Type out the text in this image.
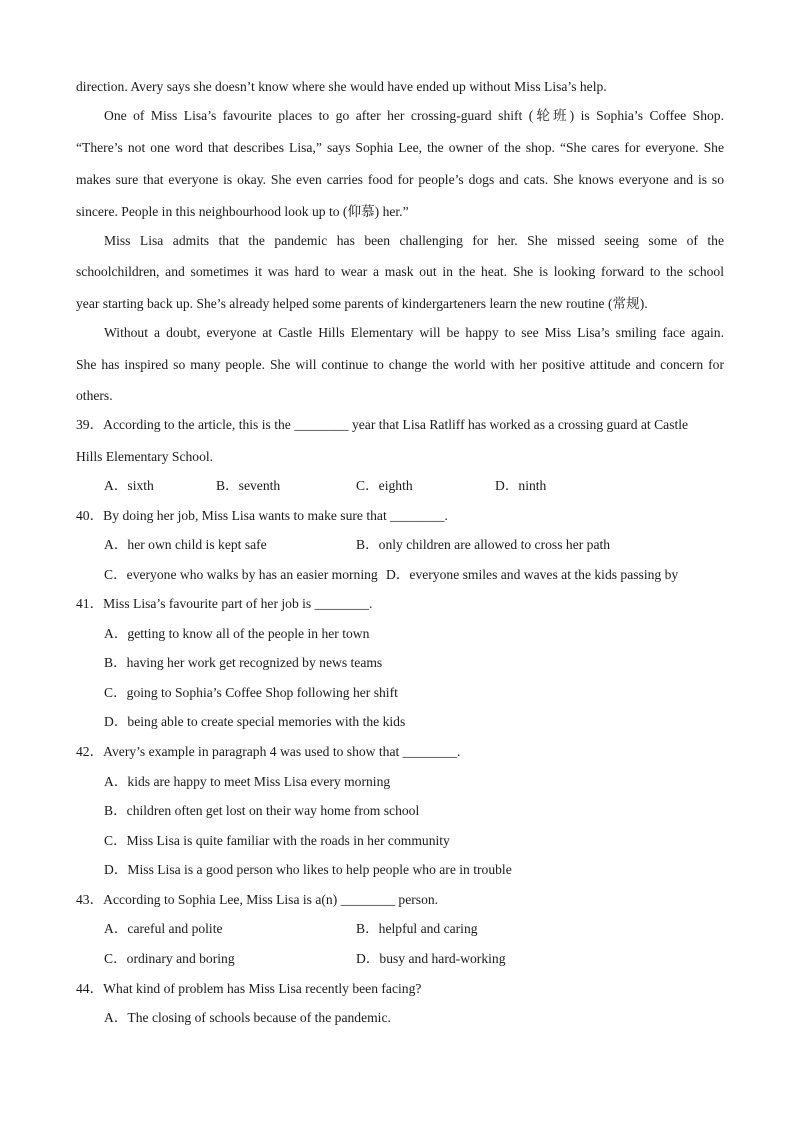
direction. Avery says she doesn’t know where she would have ended up without Miss Lisa’s help.
One of Miss Lisa’s favourite places to go after her crossing-guard shift (轮班) is Sophia’s Coffee Shop.
“There’s not one word that describes Lisa,” says Sophia Lee, the owner of the shop. “She cares for everyone. She
makes sure that everyone is okay. She even carries food for people’s dogs and cats. She knows everyone and is so
sincere. People in this neighbourhood look up to (仰慕) her.”
Miss Lisa admits that the pandemic has been challenging for her. She missed seeing some of the
schoolchildren, and sometimes it was hard to wear a mask out in the heat. She is looking forward to the school
year starting back up. She’s already helped some parents of kindergarteners learn the new routine (常规).
Without a doubt, everyone at Castle Hills Elementary will be happy to see Miss Lisa’s smiling face again.
She has inspired so many people. She will continue to change the world with her positive attitude and concern for
others.
39．According to the article, this is the ________ year that Lisa Ratliff has worked as a crossing guard at Castle
Hills Elementary School.
A．sixth	B．seventh	C．eighth	D．ninth
40．By doing her job, Miss Lisa wants to make sure that ________.
A．her own child is kept safe	B．only children are allowed to cross her path
C．everyone who walks by has an easier morning D．everyone smiles and waves at the kids passing by
41．Miss Lisa’s favourite part of her job is ________.
A．getting to know all of the people in her town
B．having her work get recognized by news teams
C．going to Sophia’s Coffee Shop following her shift
D．being able to create special memories with the kids
42．Avery’s example in paragraph 4 was used to show that ________.
A．kids are happy to meet Miss Lisa every morning
B．children often get lost on their way home from school
C．Miss Lisa is quite familiar with the roads in her community
D．Miss Lisa is a good person who likes to help people who are in trouble
43．According to Sophia Lee, Miss Lisa is a(n) ________ person.
A．careful and polite	B．helpful and caring
C．ordinary and boring	D．busy and hard-working
44．What kind of problem has Miss Lisa recently been facing?
A．The closing of schools because of the pandemic.
